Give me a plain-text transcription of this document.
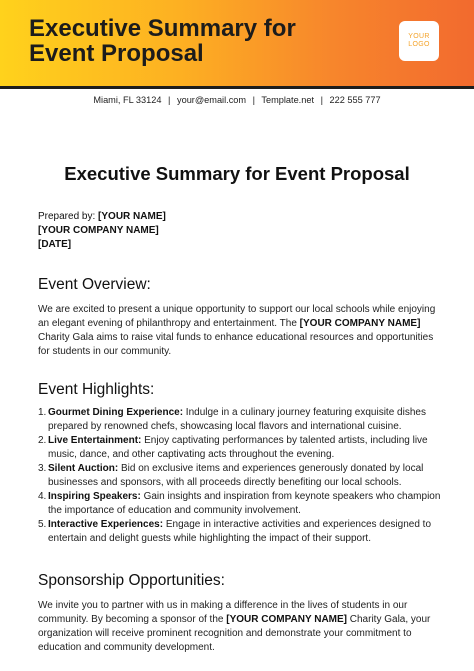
Executive Summary for
Event Proposal
YOUR
LOGO
Miami, FL 33124 | your@email.com | Template.net | 222 555 777
Executive Summary for Event Proposal
Prepared by: [YOUR NAME]
[YOUR COMPANY NAME]
[DATE]
Event Overview:

We are excited to present a unique opportunity to support our local schools while enjoying an elegant evening of philanthropy and entertainment. The [YOUR COMPANY NAME] Charity Gala aims to raise vital funds to enhance educational resources and opportunities for students in our community.

Event Highlights:
1. Gourmet Dining Experience: Indulge in a culinary journey featuring exquisite dishes prepared by renowned chefs, showcasing local flavors and international cuisine.
2. Live Entertainment: Enjoy captivating performances by talented artists, including live music, dance, and other captivating acts throughout the evening.
3. Silent Auction: Bid on exclusive items and experiences generously donated by local businesses and sponsors, with all proceeds directly benefiting our local schools.
4. Inspiring Speakers: Gain insights and inspiration from keynote speakers who champion the importance of education and community involvement.
5. Interactive Experiences: Engage in interactive activities and experiences designed to entertain and delight guests while highlighting the impact of their support.
Sponsorship Opportunities:

We invite you to partner with us in making a difference in the lives of students in our community. By becoming a sponsor of the [YOUR COMPANY NAME] Charity Gala, your organization will receive prominent recognition and demonstrate your commitment to education and community development.
